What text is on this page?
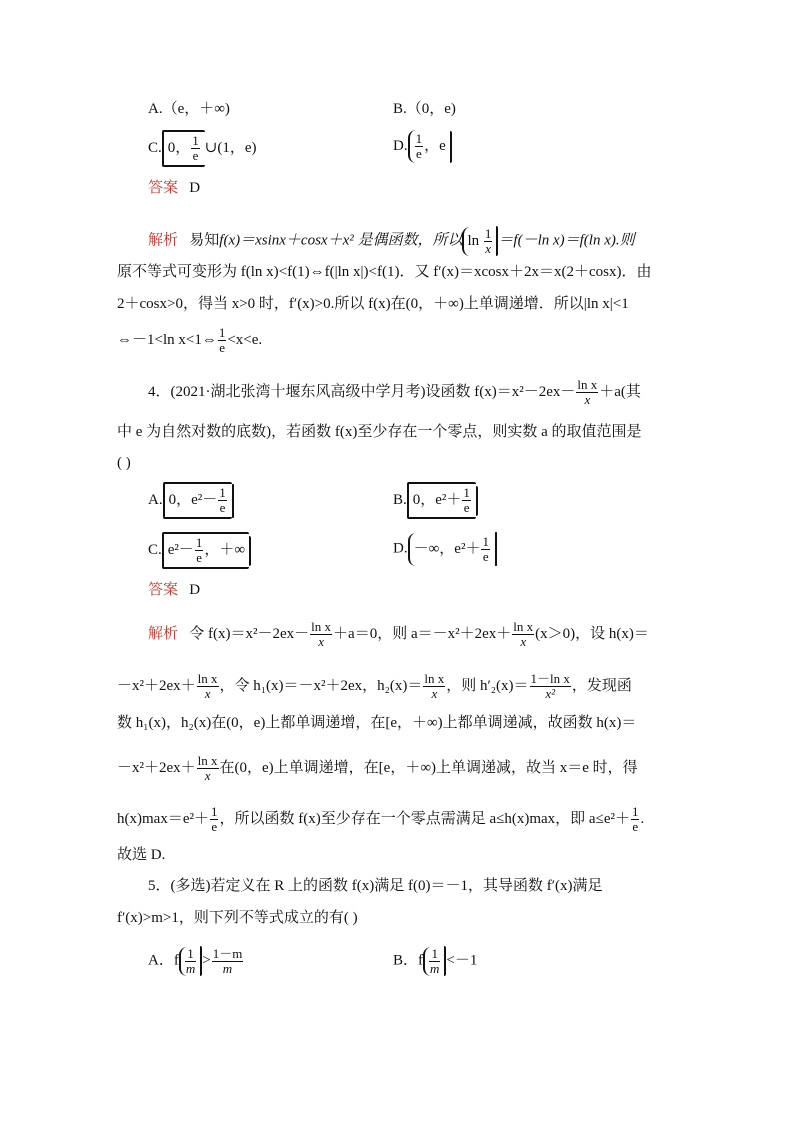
A.（e，＋∞)	B.（0，e)
C. 0， $\frac{1}{e}$ ∪(1，e)	D. $\frac{1}{e}$ ，e
答案 D
解析 易知f(x)＝xsinx＋cosx＋x² 是偶函数，所以 $\ln \frac{1}{x} =f(-\ln$ x)＝f(ln x).则
原不等式可变形为 f(ln x)<f(1)⇔f(|ln x|)<f(1)．又 f′(x)＝xcosx＋2x＝x(2＋cosx)．由
2＋cosx>0，得当 x>0 时，f′(x)>0.所以 f(x)在(0，＋∞)上单调递增．所以|ln x|<1
⇔－1<ln x<1⇔ $\frac{1}{e} <x<e$.
4．(2021·湖北张湾十堰东风高级中学月考)设函数 $f(x)=x^2-2ex- \frac{\text{ln x}}{x} +a$(其
中 e 为自然对数的底数)，若函数 f(x)至少存在一个零点，则实数 a 的取值范围是
( )
A. 0，$e^2- \frac{1}{e}$	B. 0，$e^2+ \frac{1}{e}$
C. $e^2- \frac{1}{e}$ ，＋∞	D. －∞，$e^2+ \frac{1}{e}$
答案 D
解析 令 $f(x)=x^2-2ex- \frac{\text{ln x}}{x} +a=0$，则 $a=-x^2+2ex+ \frac{\text{ln x}}{x} (x>0)$，设 h(x)＝
$-x^2+2ex+ \frac{\text{ln x}}{x}$ ，令 h₁(x)＝－x²＋2ex，$h_2(x)= \frac{\text{ln x}}{x}$ ，则 $h'_2(x)= \frac{\text{1－ln x}}{\text{x²}}$ ，发现函
数 h₁(x)，h₂(x)在(0，e)上都单调递增，在[e，＋∞)上都单调递减，故函数 h(x)＝
$-x^2+2ex+ \frac{\text{ln x}}{x}$ 在(0，e)上单调递增，在[e，＋∞)上单调递减，故当 x＝e 时，得
$h(x)\max=e^2+ \frac{1}{e}$ ，所以函数 f(x)至少存在一个零点需满足 a≤h(x)max，即 $a\le e^2+ \frac{1}{e}$ .
故选 D.
5．(多选)若定义在 R 上的函数 f(x)满足 f(0)＝－1，其导函数 f′(x)满足
f′(x)>m>1，则下列不等式成立的有( )
A．f $\frac{1}{m} > \frac{1-m}{m}$	B．f $\frac{1}{m} <-1$
